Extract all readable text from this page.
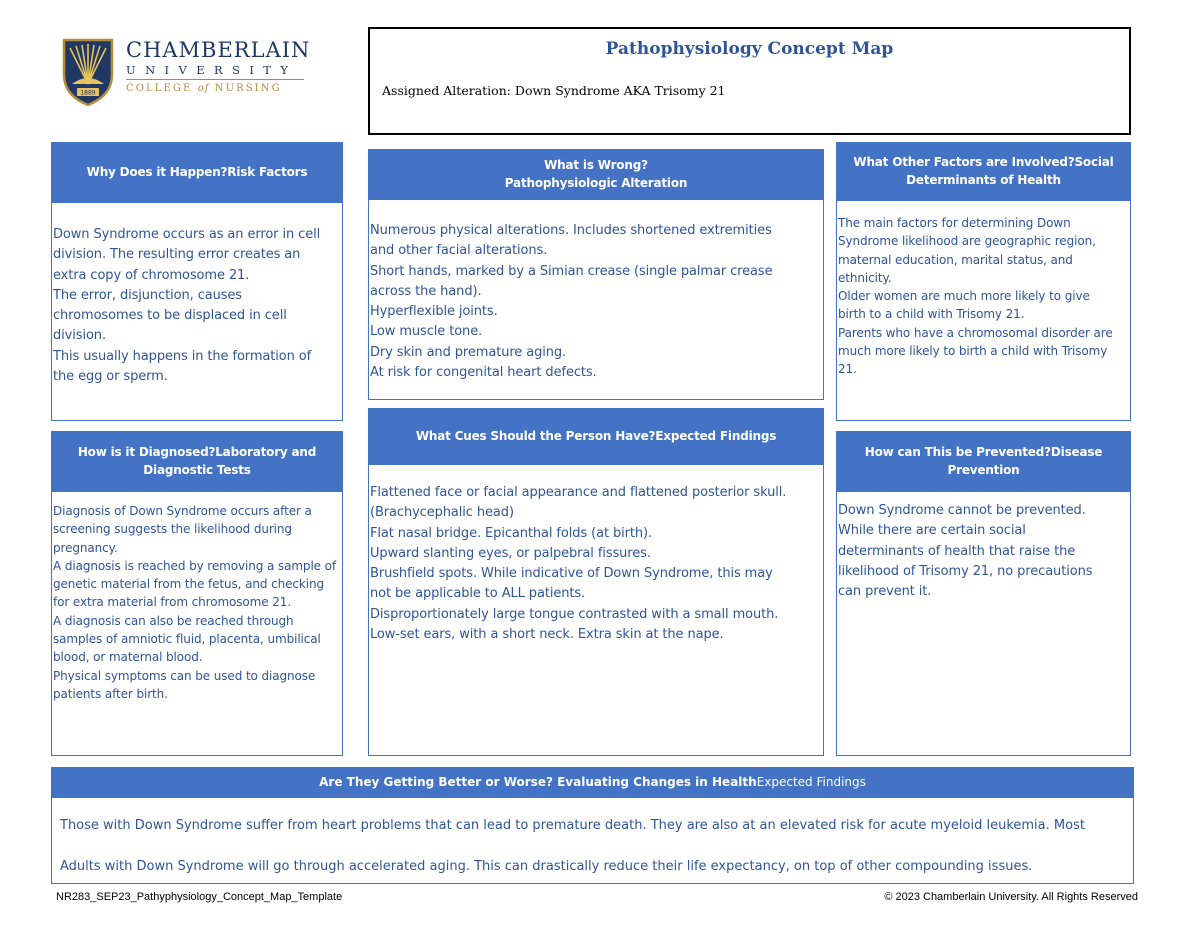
1889
CHAMBERLAIN
UNIVERSITY
COLLEGE of NURSING
Pathophysiology Concept Map
Assigned Alteration: Down Syndrome AKA Trisomy 21
Why Does it Happen?Risk Factors
Down Syndrome occurs as an error in cell
division. The resulting error creates an
extra copy of chromosome 21.
The error, disjunction, causes
chromosomes to be displaced in cell
division.
This usually happens in the formation of
the egg or sperm.
What is Wrong?
Pathophysiologic Alteration
Numerous physical alterations. Includes shortened extremities
and other facial alterations.
Short hands, marked by a Simian crease (single palmar crease
across the hand).
Hyperflexible joints.
Low muscle tone.
Dry skin and premature aging.
At risk for congenital heart defects.
What Other Factors are Involved?Social
Determinants of Health
The main factors for determining Down
Syndrome likelihood are geographic region,
maternal education, marital status, and
ethnicity.
Older women are much more likely to give
birth to a child with Trisomy 21.
Parents who have a chromosomal disorder are
much more likely to birth a child with Trisomy
21.
How is it Diagnosed?Laboratory and
Diagnostic Tests
Diagnosis of Down Syndrome occurs after a
screening suggests the likelihood during
pregnancy.
A diagnosis is reached by removing a sample of
genetic material from the fetus, and checking
for extra material from chromosome 21.
A diagnosis can also be reached through
samples of amniotic fluid, placenta, umbilical
blood, or maternal blood.
Physical symptoms can be used to diagnose
patients after birth.
What Cues Should the Person Have?Expected Findings
Flattened face or facial appearance and flattened posterior skull.
(Brachycephalic head)
Flat nasal bridge. Epicanthal folds (at birth).
Upward slanting eyes, or palpebral fissures.
Brushfield spots. While indicative of Down Syndrome, this may
not be applicable to ALL patients.
Disproportionately large tongue contrasted with a small mouth.
Low-set ears, with a short neck. Extra skin at the nape.
How can This be Prevented?Disease
Prevention
Down Syndrome cannot be prevented.
While there are certain social
determinants of health that raise the
likelihood of Trisomy 21, no precautions
can prevent it.
Are They Getting Better or Worse? Evaluating Changes in Health Expected Findings
Those with Down Syndrome suffer from heart problems that can lead to premature death. They are also at an elevated risk for acute myeloid leukemia. Most
Adults with Down Syndrome will go through accelerated aging. This can drastically reduce their life expectancy, on top of other compounding issues.
NR283_SEP23_Pathyphysiology_Concept_Map_Template	© 2023 Chamberlain University. All Rights Reserved
